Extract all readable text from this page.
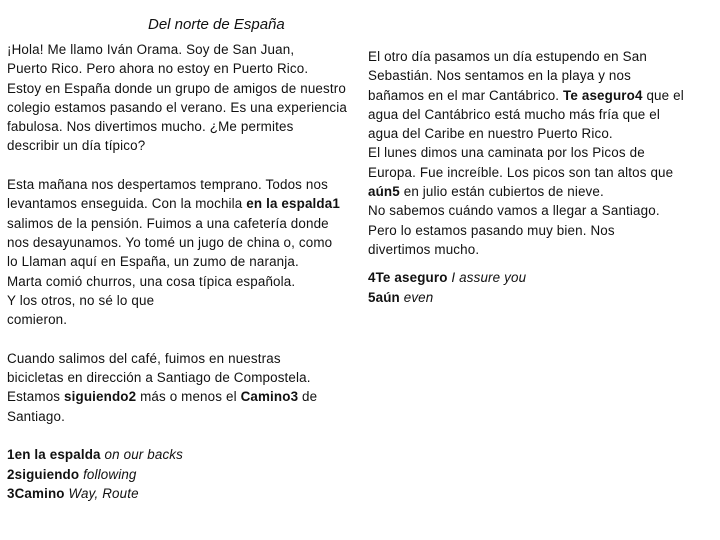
Del norte de España
¡Hola! Me llamo Iván Orama. Soy de San Juan,
Puerto Rico. Pero ahora no estoy en Puerto Rico.
Estoy en España donde un grupo de amigos de nuestro
colegio estamos pasando el verano. Es una experiencia
fabulosa. Nos divertimos mucho. ¿Me permites
describir un día típico?
Esta mañana nos despertamos temprano. Todos nos
levantamos enseguida. Con la mochila en la espalda1
salimos de la pensión. Fuimos a una cafetería donde
nos desayunamos. Yo tomé un jugo de china o, como
lo Llaman aquí en España, un zumo de naranja.
Marta comió churros, una cosa típica española.
Y los otros, no sé lo que
comieron.
Cuando salimos del café, fuimos en nuestras
bicicletas en dirección a Santiago de Compostela.
Estamos siguiendo2 más o menos el Camino3 de
Santiago.
1en la espalda on our backs
2siguiendo following
3Camino Way, Route
El otro día pasamos un día estupendo en San
Sebastián. Nos sentamos en la playa y nos
bañamos en el mar Cantábrico. Te aseguro4 que el
agua del Cantábrico está mucho más fría que el
agua del Caribe en nuestro Puerto Rico.
El lunes dimos una caminata por los Picos de
Europa. Fue increíble. Los picos son tan altos que
aún5 en julio están cubiertos de nieve.
No sabemos cuándo vamos a llegar a Santiago.
Pero lo estamos pasando muy bien. Nos
divertimos mucho.
4Te aseguro I assure you
5aún even
